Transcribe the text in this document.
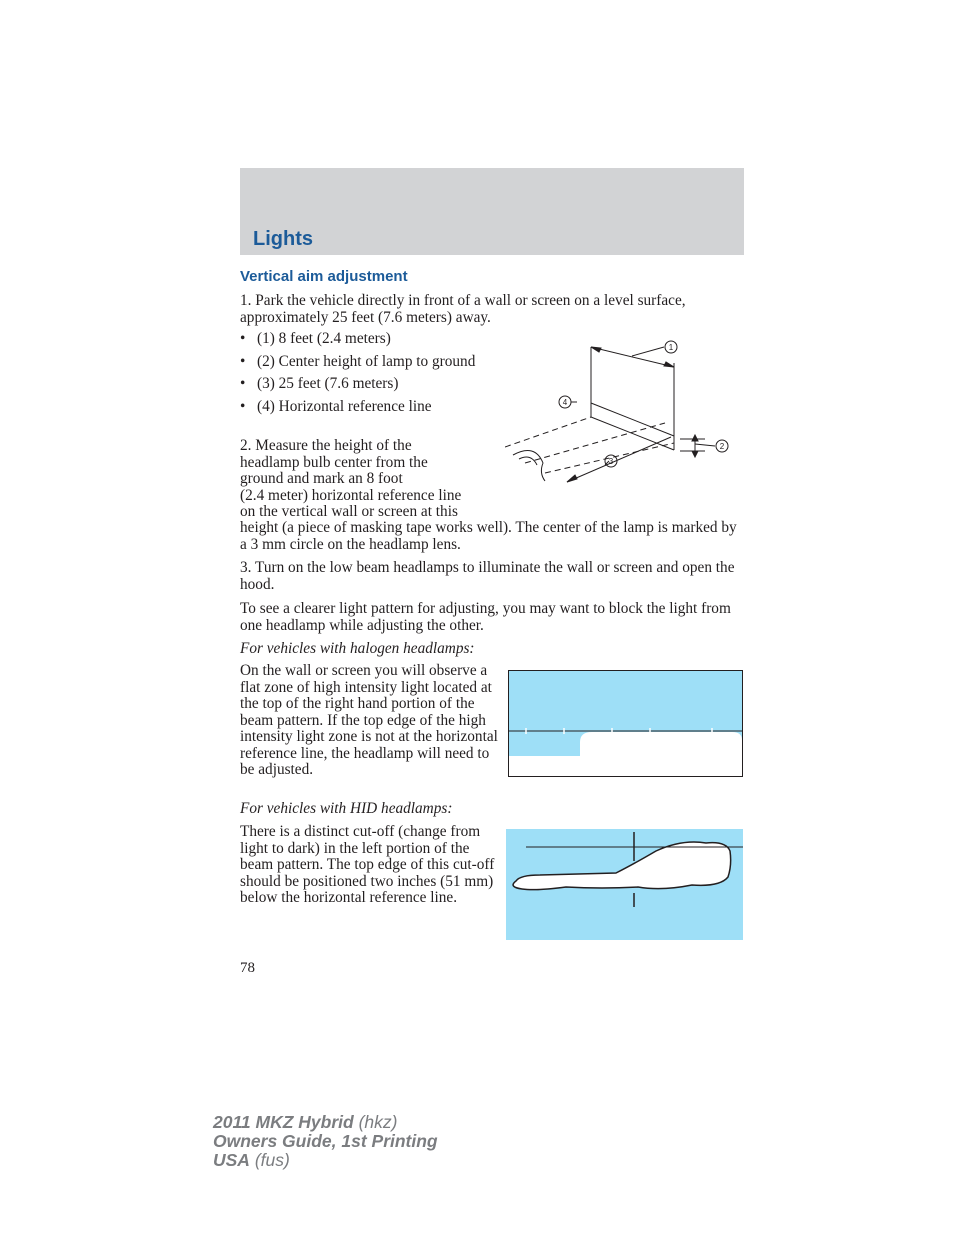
Lights
Vertical aim adjustment

1. Park the vehicle directly in front of a wall or screen on a level surface, approximately 25 feet (7.6 meters) away.

• (1) 8 feet (2.4 meters)
• (2) Center height of lamp to ground
• (3) 25 feet (7.6 meters)
• (4) Horizontal reference line
2. Measure the height of the
headlamp bulb center from the
ground and mark an 8 foot
(2.4 meter) horizontal reference line
on the vertical wall or screen at this

height (a piece of masking tape works well). The center of the lamp is marked by a 3 mm circle on the headlamp lens.

1
2
3
4

3. Turn on the low beam headlamps to illuminate the wall or screen and open the hood.

To see a clearer light pattern for adjusting, you may want to block the light from one headlamp while adjusting the other.

For vehicles with halogen headlamps:

On the wall or screen you will observe a flat zone of high intensity light located at the top of the right hand portion of the beam pattern. If the top edge of the high intensity light zone is not at the horizontal reference line, the headlamp will need to be adjusted.

For vehicles with HID headlamps:

There is a distinct cut-off (change from light to dark) in the left portion of the beam pattern. The top edge of this cut-off should be positioned two inches (51 mm) below the horizontal reference line.

78
2011 MKZ Hybrid (hkz)
Owners Guide, 1st Printing
USA (fus)
